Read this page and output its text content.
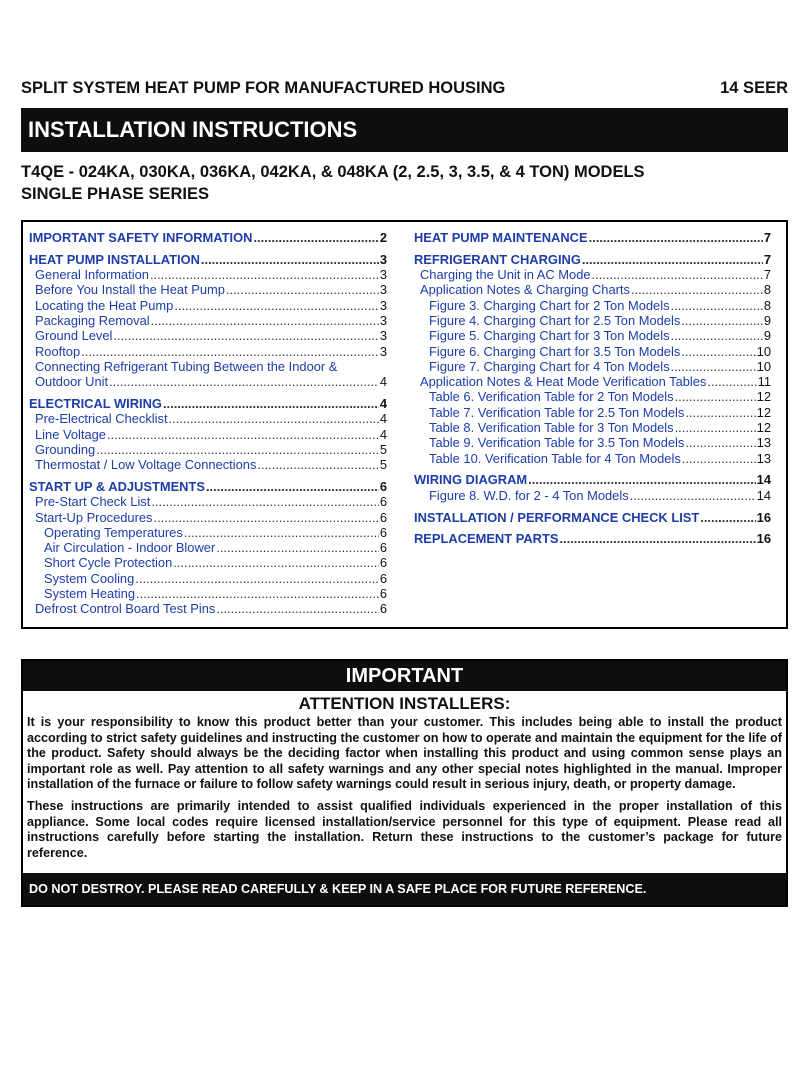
SPLIT SYSTEM HEAT PUMP FOR MANUFACTURED HOUSING	14 SEER
INSTALLATION INSTRUCTIONS
T4QE - 024KA, 030KA, 036KA, 042KA, & 048KA (2, 2.5, 3, 3.5, & 4 TON) MODELS
SINGLE PHASE SERIES
IMPORTANT SAFETY INFORMATION .....	2
HEAT PUMP INSTALLATION .....	3
General Information .....	3
Before You Install the Heat Pump .....	3
Locating the Heat Pump .....	3
Packaging Removal .....	3
Ground Level .....	3
Rooftop .....	3
Connecting Refrigerant Tubing Between the Indoor &
Outdoor Unit .....	4
ELECTRICAL WIRING .....	4
Pre-Electrical Checklist .....	4
Line Voltage .....	4
Grounding .....	5
Thermostat / Low Voltage Connections .....	5
START UP & ADJUSTMENTS .....	6
Pre-Start Check List .....	6
Start-Up Procedures .....	6
Operating Temperatures .....	6
Air Circulation - Indoor Blower .....	6
Short Cycle Protection .....	6
System Cooling .....	6
System Heating .....	6
Defrost Control Board Test Pins .....	6
HEAT PUMP MAINTENANCE .....	7
REFRIGERANT CHARGING .....	7
Charging the Unit in AC Mode .....	7
Application Notes & Charging Charts .....	8
Figure 3. Charging Chart for 2 Ton Models .....	8
Figure 4. Charging Chart for 2.5 Ton Models .....	9
Figure 5. Charging Chart for 3 Ton Models .....	9
Figure 6. Charging Chart for 3.5 Ton Models .....	10
Figure 7. Charging Chart for 4 Ton Models .....	10
Application Notes & Heat Mode Verification Tables .....	11
Table 6. Verification Table for 2 Ton Models .....	12
Table 7. Verification Table for 2.5 Ton Models .....	12
Table 8. Verification Table for 3 Ton Models .....	12
Table 9. Verification Table for 3.5 Ton Models .....	13
Table 10. Verification Table for 4 Ton Models .....	13
WIRING DIAGRAM .....	14
Figure 8. W.D. for 2 - 4 Ton Models .....	14
INSTALLATION / PERFORMANCE CHECK LIST .....	16
REPLACEMENT PARTS .....	16
IMPORTANT
ATTENTION INSTALLERS:
It is your responsibility to know this product better than your customer. This includes being able to install the product according to strict safety guidelines and instructing the customer on how to operate and maintain the equipment for the life of the product. Safety should always be the deciding factor when installing this product and using common sense plays an important role as well. Pay attention to all safety warnings and any other special notes highlighted in the manual. Improper installation of the furnace or failure to follow safety warnings could result in serious injury, death, or property damage.
These instructions are primarily intended to assist qualified individuals experienced in the proper installation of this appliance. Some local codes require licensed installation/service personnel for this type of equipment. Please read all instructions carefully before starting the installation. Return these instructions to the customer’s package for future reference.
DO NOT DESTROY. PLEASE READ CAREFULLY & KEEP IN A SAFE PLACE FOR FUTURE REFERENCE.
